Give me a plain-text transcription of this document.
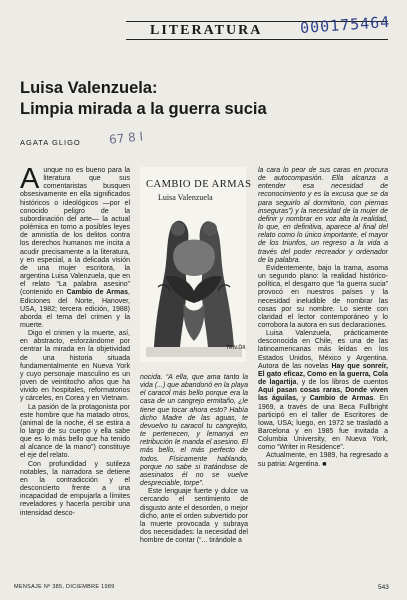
LITERATURA 000175464
Luisa Valenzuela:
Limpia mirada a la guerra sucia
AGATA GLIGO 67 8 I

Aunque no es bueno para la literatura que sus comentaristas busquen obsesivamente en ella significados históricos o ideológicos —por el conocido peligro de la subordinación del arte— la actual polémica en torno a posibles leyes de amnistía de los delitos contra los derechos humanos me incita a acudir precisamente a la literatura, y en especial, a la delicada visión de una mujer escritora, la argentina Luisa Valenzuela, que en el relato “La palabra asesino” (contenido en Cambio de Armas, Ediciones del Norte, Hanover, USA, 1982; tercera edición, 1988) aborda el tema del crimen y la muerte.

Digo el crimen y la muerte, así, en abstracto, esforzándome por centrar la mirada en la objetividad de una historia situada fundamentalmente en Nueva York y cuyo personaje masculino es un joven de veintitocho años que ha vivido en hospitales, reformatorios y cárceles, en Corea y en Vietnam.

La pasión de la protagonista por este hombre que ha matado otros, (animal de la noche, él se estira a lo largo de su cuerpo y ella sabe que es lo más bello que ha tenido al alcance de la mano”) constituye el eje del relato.

Con profundidad y sutileza notables, la narradora se detiene en la contradicción y el desconcierto frente a una incapacidad de empujarla a límites reveladores y hacerla percibir una intensidad desco-

CAMBIO DE ARMAS
Luisa Valenzuela
TRIV.ÖR

nocida. “A ella, que ama tanto la vida (...) que abandonó en la playa el caracol más bello porque era la casa de un cangrejo ermitaño, ¿le tiene que tocar ahora esto? Había dicho Madre de las aguas, te devuelvo tu caracol tu cangrejito, te pertenecen, y lemanyá en retribución le manda el asesino. El más bello, el más perfecto de todos. Físicamente hablando, porque no sabe si tratándose de asesinatos él no se vuelve despreciable, torpe”.

Este lenguaje fuerte y dulce va cercando el sentimiento de disgusto ante el desorden, o mejor dicho, ante el orden subvertido por la muerte provocada y subraya dos necesidades: la necesidad del hombre de contar (“... tirándole a

la cara lo peor de sus caras en procura de autocompasión. Ella alcanza a entender esa necesidad de reconocimiento y es la excusa que se da para seguirlo al dormitorio, con piernas inseguras”) y la necesidad de la mujer de definir y nombrar en voz alta la realidad, lo que, en definitiva, aparece al final del relato como lo único importante, el mayor de los triunfos, un regreso a la vida a través del poder recreador y ordenador de la palabra.

Evidentemente, bajo la trama, asoma un segundo plano: la realidad histórico-política, el desgarro que “la guerra sucia” provocó en nuestros países y la necesidad ineludible de nombrar las cosas por su nombre. Lo siente con claridad el lector contemporáneo y lo corrobora la autora en sus declaraciones.

Luisa Valenzuela, prácticamente desconocida en Chile, es una de las latinoamericanas más leídas en los Estados Unidos, México y Argentina. Autora de las novelas Hay que sonreír, El gato eficaz, Como en la guerra, Cola de lagartija, y de los libros de cuentos Aquí pasan cosas raras, Donde viven las águilas, y Cambio de Armas. En 1969, a través de una Beca Fullbright participó en el taller de Escritores de Iowa, USA; luego, en 1972 se trasladó a Barcelona y en 1985 fue invitada a Columbia University, en Nueva York, como “Writer in Residence”.

Actualmente, en 1989, ha regresado a su patria: Argentina. ■

MENSAJE Nº 385, DICIEMBRE 1989	543
